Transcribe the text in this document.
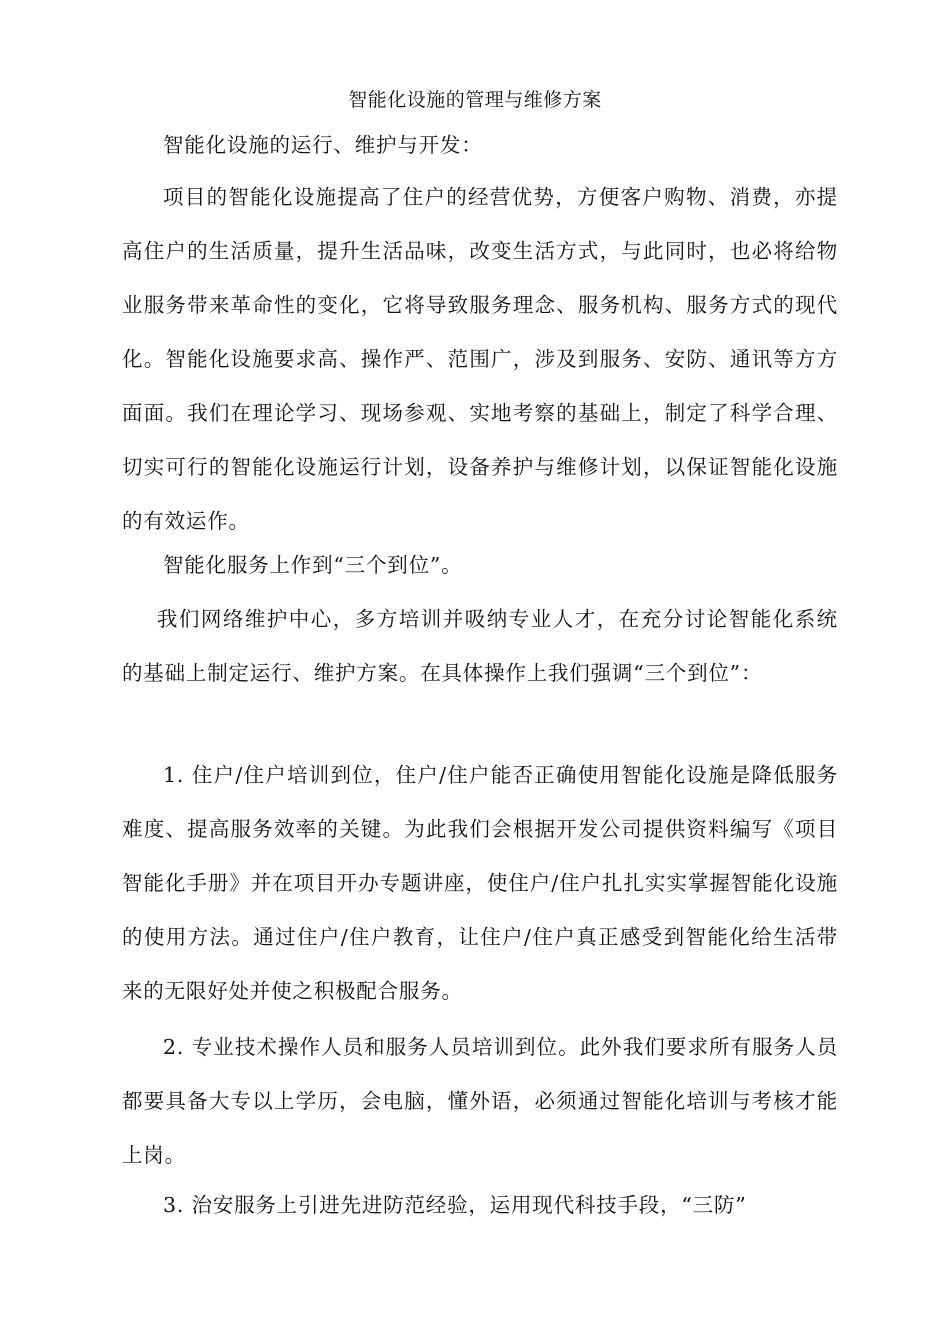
智能化设施的管理与维修方案

智能化设施的运行、维护与开发：

项目的智能化设施提高了住户的经营优势，方便客户购物、消费，亦提高住户的生活质量，提升生活品味，改变生活方式，与此同时，也必将给物业服务带来革命性的变化，它将导致服务理念、服务机构、服务方式的现代化。智能化设施要求高、操作严、范围广，涉及到服务、安防、通讯等方方面面。我们在理论学习、现场参观、实地考察的基础上，制定了科学合理、切实可行的智能化设施运行计划，设备养护与维修计划，以保证智能化设施的有效运作。

智能化服务上作到“三个到位”。

我们网络维护中心，多方培训并吸纳专业人才，在充分讨论智能化系统的基础上制定运行、维护方案。在具体操作上我们强调“三个到位”：

1. 住户/住户培训到位，住户/住户能否正确使用智能化设施是降低服务难度、提高服务效率的关键。为此我们会根据开发公司提供资料编写《项目智能化手册》并在项目开办专题讲座，使住户/住户扎扎实实掌握智能化设施的使用方法。通过住户/住户教育，让住户/住户真正感受到智能化给生活带来的无限好处并使之积极配合服务。

2. 专业技术操作人员和服务人员培训到位。此外我们要求所有服务人员都要具备大专以上学历，会电脑，懂外语，必须通过智能化培训与考核才能上岗。

3. 治安服务上引进先进防范经验，运用现代科技手段，“三防”
